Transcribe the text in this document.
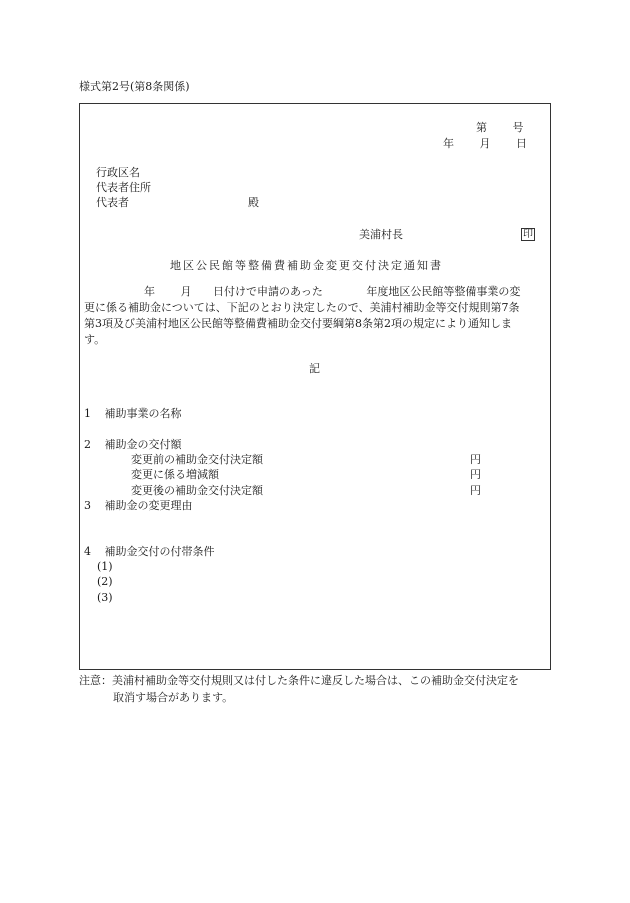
様式第2号(第8条関係)
第 号
年 月 日
行政区名
代表者住所
代表者	殿
美浦村長	印
地区公民館等整備費補助金変更交付決定通知書
年 月 日付けで申請のあった	年度地区公民館等整備事業の変
更に係る補助金については、下記のとおり決定したので、美浦村補助金等交付規則第7条
第3項及び美浦村地区公民館等整備費補助金交付要綱第8条第2項の規定により通知しま
す。
記
1 補助事業の名称
2 補助金の交付額
変更前の補助金交付決定額	円
変更に係る増減額	円
変更後の補助金交付決定額	円
3 補助金の変更理由
4 補助金交付の付帯条件
(1)
(2)
(3)
注意：美浦村補助金等交付規則又は付した条件に違反した場合は、この補助金交付決定を
取消す場合があります。
